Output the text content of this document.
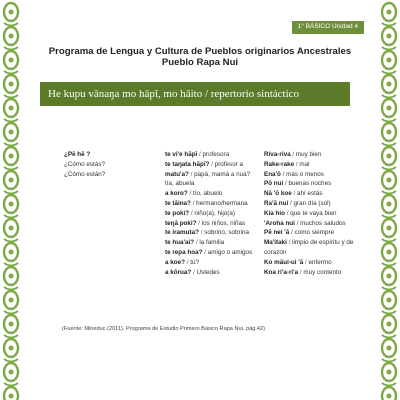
1° BÁSICO Unidad 4
Programa de Lengua y Cultura de Pueblos originarios Ancestrales
Pueblo Rapa Nui
He kupu vānaŋa mo hāpī, mo hāito / repertorio sintáctico
¿Pē hē ?
¿Cómo estás?
¿Cómo están?
te vi'e hāpī / profesora
te taŋata hāpī? / profesor a
matu'a? / papá, mamá a nua?
tía, abuela
a koro? / tío, abuelo
te tāina? / hermano/hermana
te poki? / niño(a), hijo(a)
teŋā poki? / los niños, niñas
te iramuta? / sobrino, sobrina
te hua'ai? / la familia
te repa hoa? / amigo o amigos
a koe? / tú?
a kōrua? / Ustedes
Riva-riva / muy bien
Rake-rake / mal
Ena'ō / más o menos
Pō nui / buenas noches
Nā 'ō koe / ahí estás
Ra'ā nui / gran día (sol)
Kia hio / que te vaya bien
'Aroha nui / muchos saludos
Pē nei 'ā / como siempre
Ma'itaki / limpio de espíritu y de corazón
Ko māui-ui 'ā / enfermo
Koa ri'a-ri'a / muy contento
(Fuente: Mineduc (2011). Programa de Estudio Primero Básico Rapa Nui, pág.42)
